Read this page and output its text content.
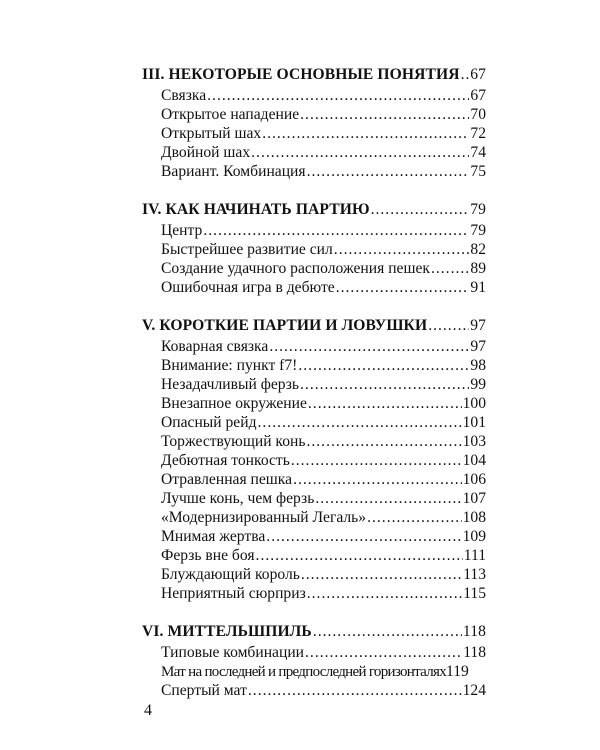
III. НЕКОТОРЫЕ ОСНОВНЫЕ ПОНЯТИЯ ..... 67
Связка .....	67
Открытое нападение .....	70
Открытый шах .....	72
Двойной шах .....	74
Вариант. Комбинация .....	75
IV. КАК НАЧИНАТЬ ПАРТИЮ .....	79
Центр .....	79
Быстрейшее развитие сил .....	82
Создание удачного расположения пешек .....	89
Ошибочная игра в дебюте .....	91
V. КОРОТКИЕ ПАРТИИ И ЛОВУШКИ .....	97
Коварная связка .....	97
Внимание: пункт f7! .....	98
Незадачливый ферзь .....	99
Внезапное окружение .....	100
Опасный рейд .....	101
Торжествующий конь .....	103
Дебютная тонкость .....	104
Отравленная пешка .....	106
Лучше конь, чем ферзь .....	107
«Модернизированный Легаль» .....	108
Мнимая жертва .....	109
Ферзь вне боя .....	111
Блуждающий король .....	113
Неприятный сюрприз .....	115
VI. МИТТЕЛЬШПИЛЬ .....	118
Типовые комбинации .....	118
Мат на последней и предпоследней горизонталях 119
Спертый мат .....	124
4
